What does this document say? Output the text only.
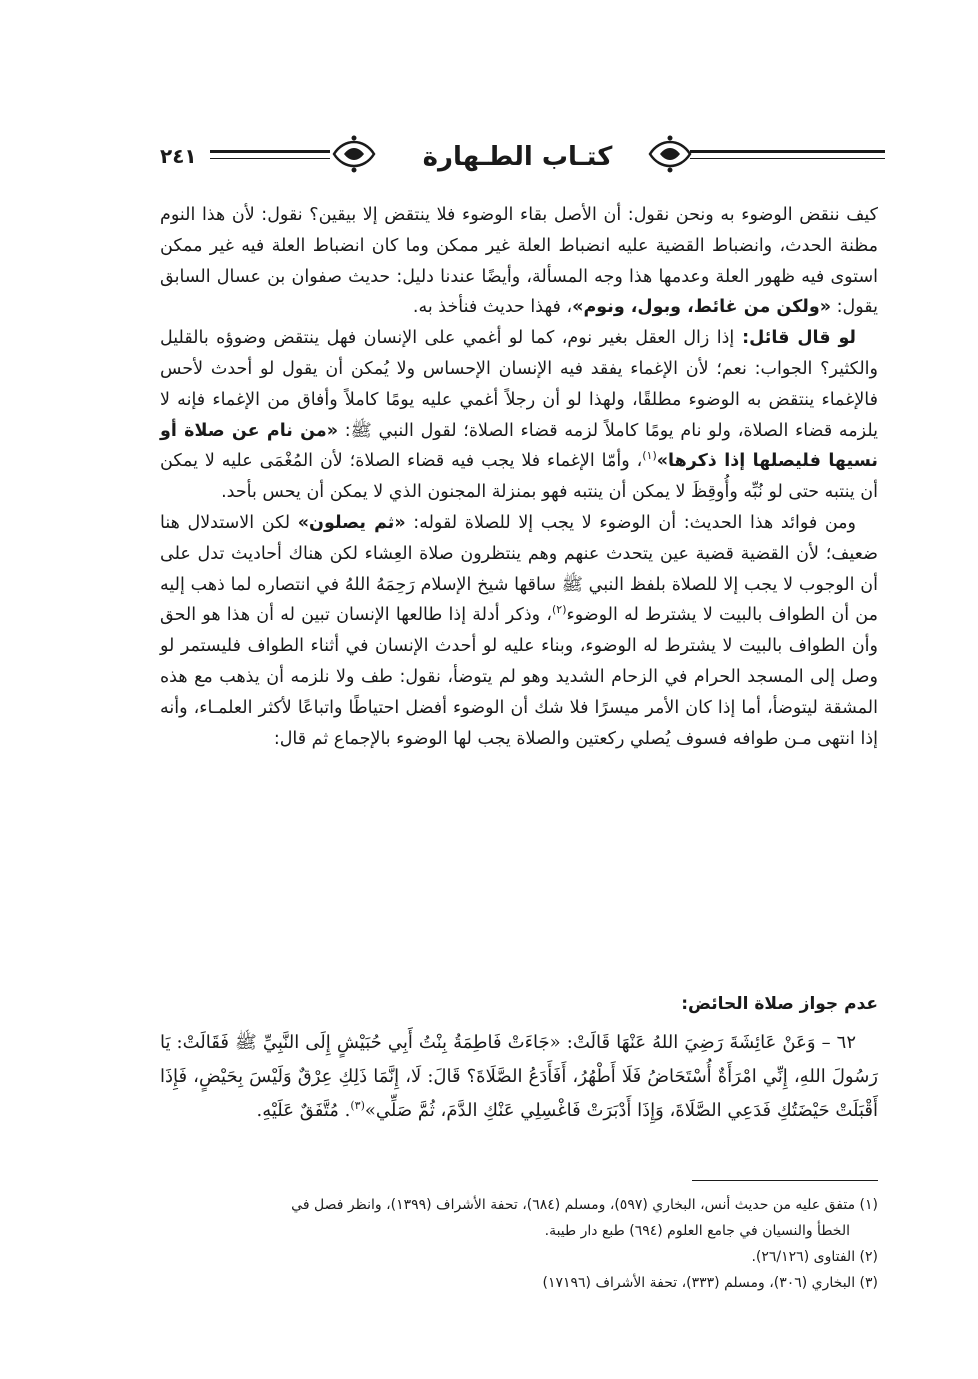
كتـاب الطـهارة
٢٤١

كيف ننقض الوضوء به ونحن نقول: أن الأصل بقاء الوضوء فلا ينتقض إلا بيقين؟ نقول: لأن هذا النوم مظنة الحدث، وانضباط القضية عليه انضباط العلة غير ممكن وما كان انضباط العلة فيه غير ممكن استوى فيه ظهور العلة وعدمها هذا وجه المسألة، وأيضًا عندنا دليل: حديث صفوان بن عسال السابق يقول: «ولكن من غائط، وبول، ونوم»، فهذا حديث فنأخذ به.

لو قال قائل: إذا زال العقل بغير نوم، كما لو أغمي على الإنسان فهل ينتقض وضوؤه بالقليل والكثير؟ الجواب: نعم؛ لأن الإغماء يفقد فيه الإنسان الإحساس ولا يُمكن أن يقول لو أحدث لأحس فالإغماء ينتقض به الوضوء مطلقًا، ولهذا لو أن رجلاً أغمي عليه يومًا كاملاً وأفاق من الإغماء فإنه لا يلزمه قضاء الصلاة، ولو نام يومًا كاملاً لزمه قضاء الصلاة؛ لقول النبي ﷺ: «من نام عن صلاة أو نسيها فليصلها إذا ذكرها»$^{(١)}$، وأمّا الإغماء فلا يجب فيه قضاء الصلاة؛ لأن المُغْمَى عليه لا يمكن أن ينتبه حتى لو نُبِّه وأُوقِظَ لا يمكن أن ينتبه فهو بمنزلة المجنون الذي لا يمكن أن يحس بأحد.

ومن فوائد هذا الحديث: أن الوضوء لا يجب إلا للصلاة لقوله: «ثم يصلون» لكن الاستدلال هنا ضعيف؛ لأن القضية قضية عين يتحدث عنهم وهم ينتظرون صلاة العِشاء لكن هناك أحاديث تدل على أن الوجوب لا يجب إلا للصلاة بلفظ النبي ﷺ ساقها شيخ الإسلام رَحِمَهُ اللهُ في انتصاره لما ذهب إليه من أن الطواف بالبيت لا يشترط له الوضوء$^{(٢)}$، وذكر أدلة إذا طالعها الإنسان تبين له أن هذا هو الحق وأن الطواف بالبيت لا يشترط له الوضوء، وبناء عليه لو أحدث الإنسان في أثناء الطواف فليستمر لو وصل إلى المسجد الحرام في الزحام الشديد وهو لم يتوضأ، نقول: طف ولا نلزمه أن يذهب مع هذه المشقة ليتوضأ، أما إذا كان الأمر ميسرًا فلا شك أن الوضوء أفضل احتياطًا واتباعًا لأكثر العلمـاء، وأنه إذا انتهى مـن طوافه فسوف يُصلي ركعتين والصلاة يجب لها الوضوء بالإجماع ثم قال:

عدم جواز صلاة الحائض:

٦٢ – وَعَنْ عَائِشَةَ رَضِيَ اللهُ عَنْهَا قَالَتْ: «جَاءَتْ فَاطِمَةُ بِنْتُ أَبِي حُبَيْشٍ إِلَى النَّبِيِّ ﷺ فَقَالَتْ: يَا رَسُولَ اللهِ، إِنِّي امْرَأَةٌ أُسْتَحَاضُ فَلَا أَطْهُرُ، أَفَأَدَعُ الصَّلَاةَ؟ قَالَ: لَا، إِنَّمَا ذَلِكِ عِرْقٌ وَلَيْسَ بِحَيْضٍ، فَإِذَا أَقْبَلَتْ حَيْضَتُكِ فَدَعِي الصَّلَاةَ، وَإِذَا أَدْبَرَتْ فَاغْسِلِي عَنْكِ الدَّمَ، ثُمَّ صَلِّي»$^{(٣)}$. مُتَّفَقٌ عَلَيْهِ.

(١) متفق عليه من حديث أنس، البخاري (٥٩٧)، ومسلم (٦٨٤)، تحفة الأشراف (١٣٩٩)، وانظر فصل في
الخطأ والنسيان في جامع العلوم (٦٩٤) طبع دار طيبة.
(٢) الفتاوى (٢٦/١٢٦).
(٣) البخاري (٣٠٦)، ومسلم (٣٣٣)، تحفة الأشراف (١٧١٩٦)
